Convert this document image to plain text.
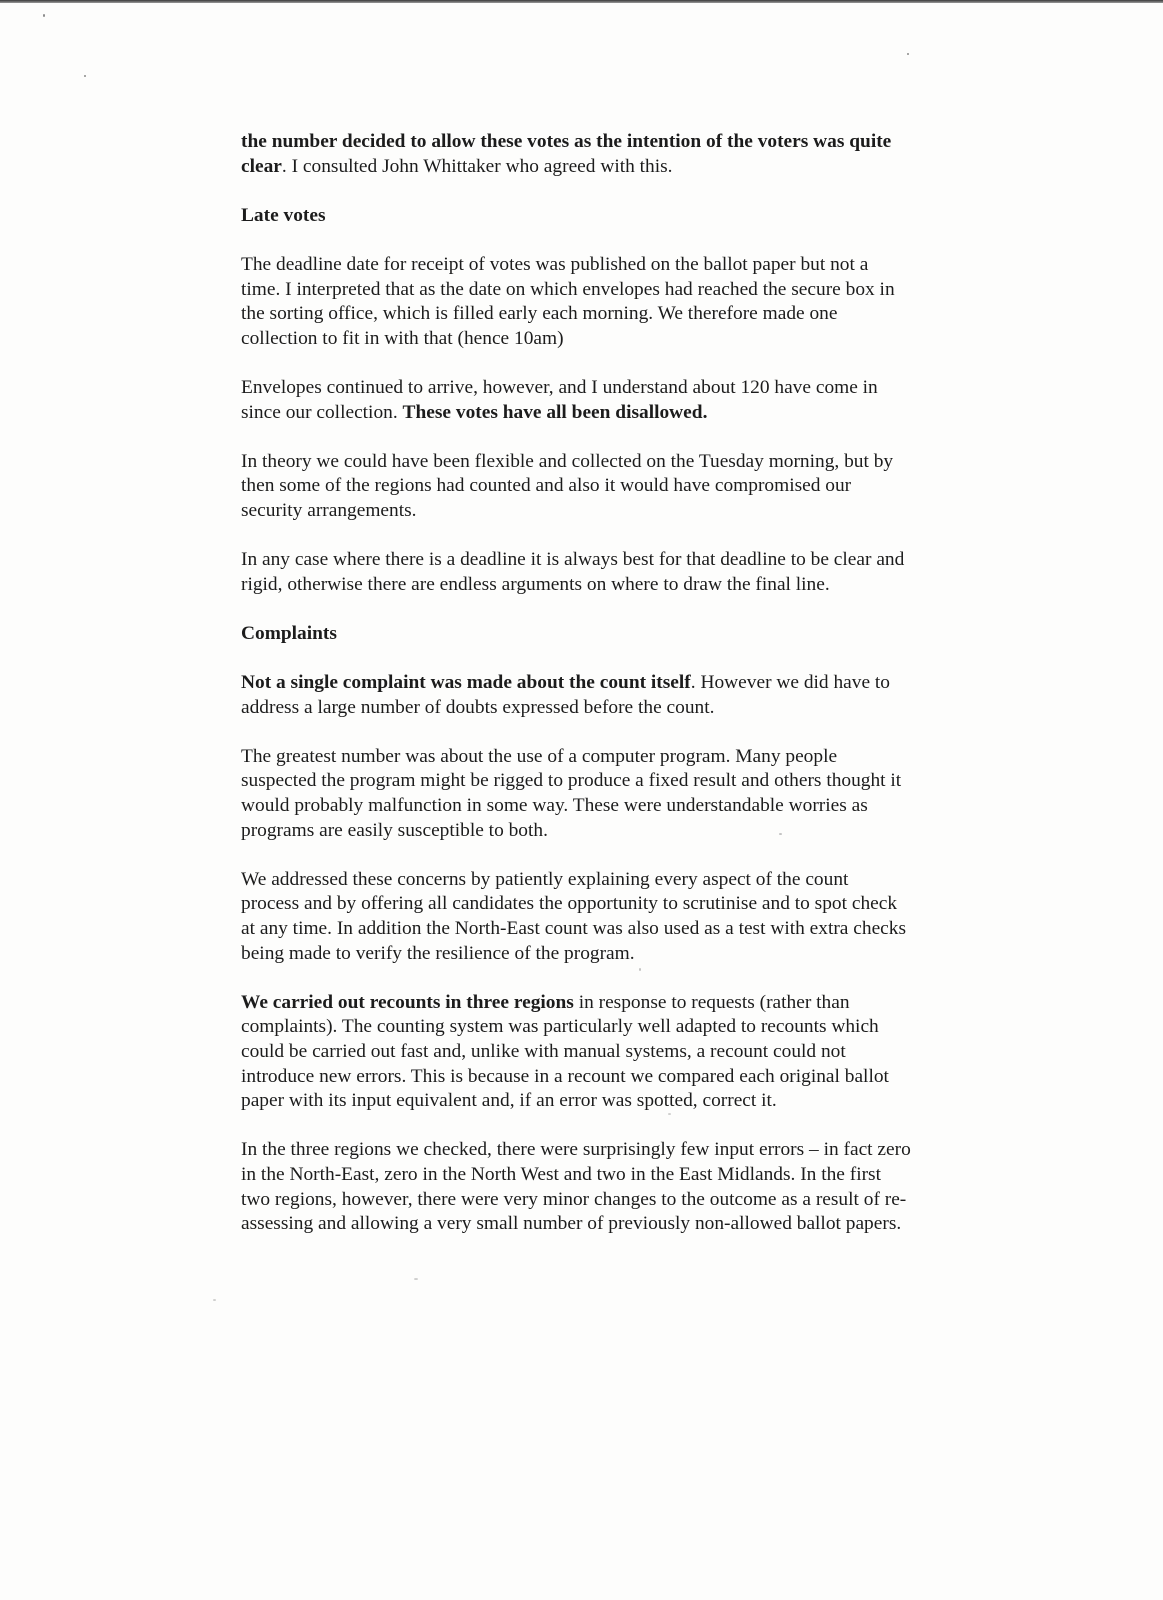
the number decided to allow these votes as the intention of the voters was quite
clear. I consulted John Whittaker who agreed with this.

Late votes

The deadline date for receipt of votes was published on the ballot paper but not a
time. I interpreted that as the date on which envelopes had reached the secure box in
the sorting office, which is filled early each morning. We therefore made one
collection to fit in with that (hence 10am)

Envelopes continued to arrive, however, and I understand about 120 have come in
since our collection. These votes have all been disallowed.

In theory we could have been flexible and collected on the Tuesday morning, but by
then some of the regions had counted and also it would have compromised our
security arrangements.

In any case where there is a deadline it is always best for that deadline to be clear and
rigid, otherwise there are endless arguments on where to draw the final line.

Complaints

Not a single complaint was made about the count itself. However we did have to
address a large number of doubts expressed before the count.

The greatest number was about the use of a computer program. Many people
suspected the program might be rigged to produce a fixed result and others thought it
would probably malfunction in some way. These were understandable worries as
programs are easily susceptible to both.

We addressed these concerns by patiently explaining every aspect of the count
process and by offering all candidates the opportunity to scrutinise and to spot check
at any time. In addition the North-East count was also used as a test with extra checks
being made to verify the resilience of the program.

We carried out recounts in three regions in response to requests (rather than
complaints). The counting system was particularly well adapted to recounts which
could be carried out fast and, unlike with manual systems, a recount could not
introduce new errors. This is because in a recount we compared each original ballot
paper with its input equivalent and, if an error was spotted, correct it.

In the three regions we checked, there were surprisingly few input errors – in fact zero
in the North-East, zero in the North West and two in the East Midlands. In the first
two regions, however, there were very minor changes to the outcome as a result of re-
assessing and allowing a very small number of previously non-allowed ballot papers.
